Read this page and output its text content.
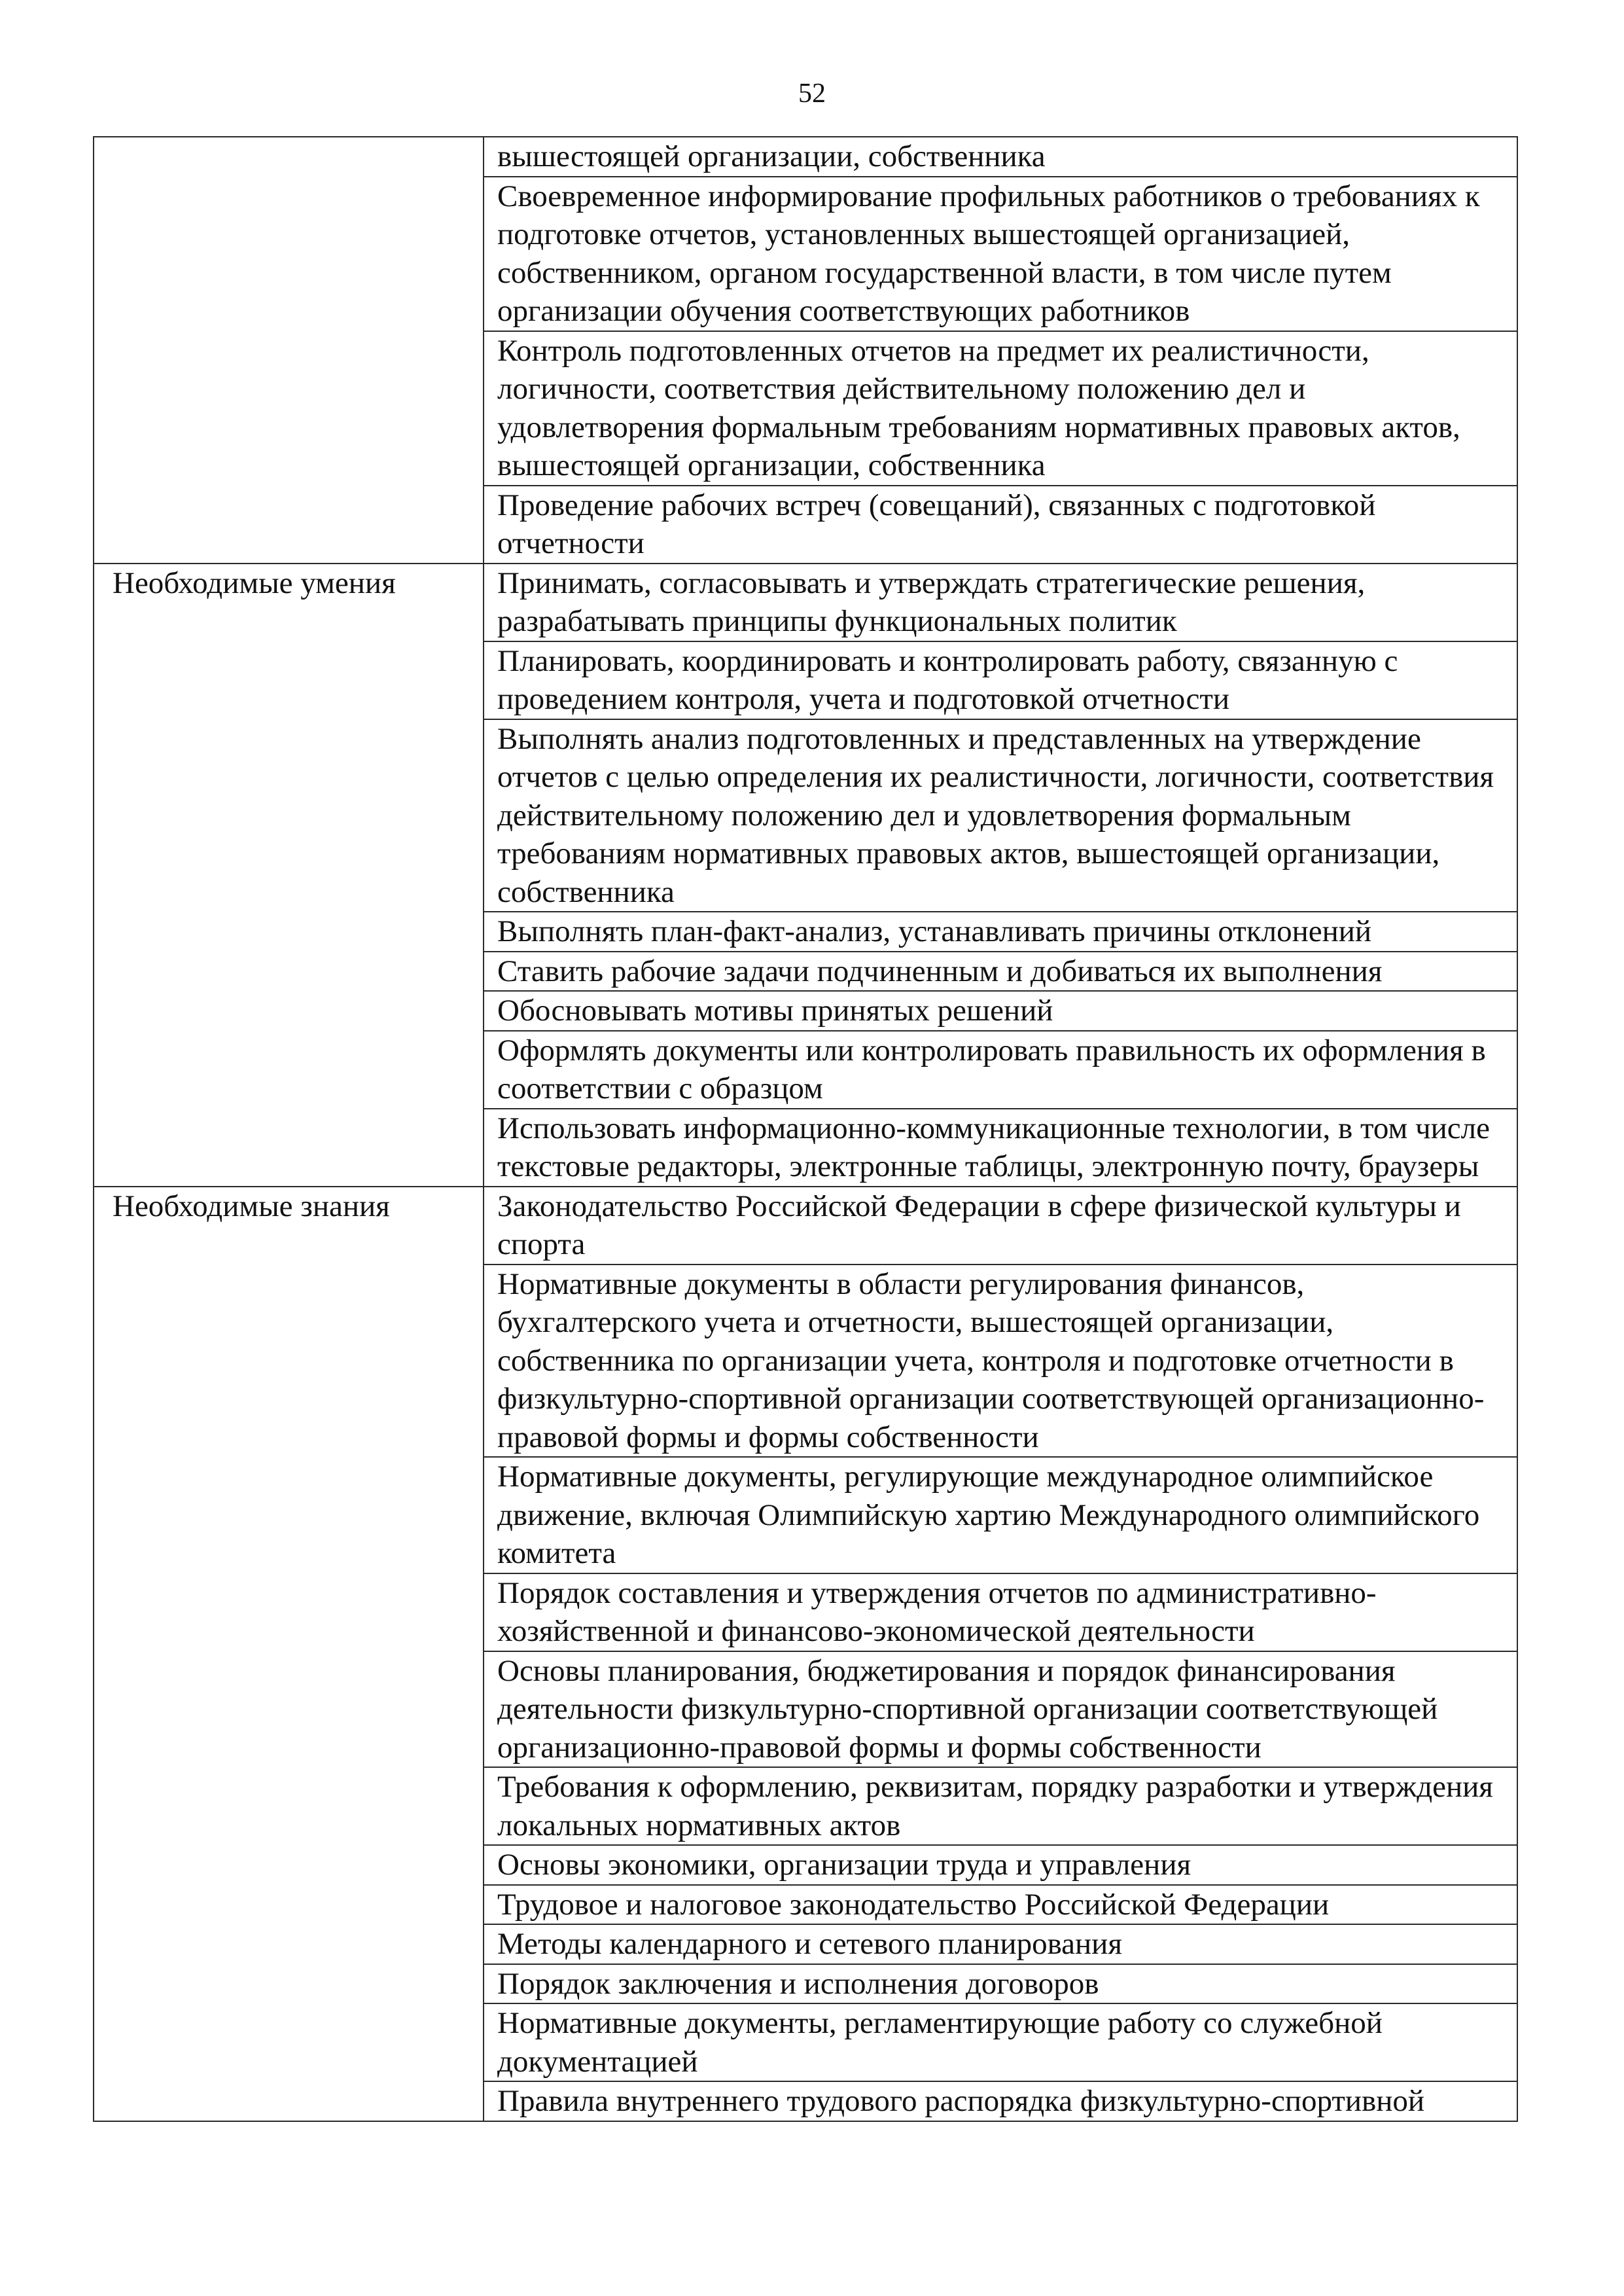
52
	вышестоящей организации, собственника
	Своевременное информирование профильных работников о требованиях к подготовке отчетов, установленных вышестоящей организацией, собственником, органом государственной власти, в том числе путем организации обучения соответствующих работников
	Контроль подготовленных отчетов на предмет их реалистичности, логичности, соответствия действительному положению дел и удовлетворения формальным требованиям нормативных правовых актов, вышестоящей организации, собственника
	Проведение рабочих встреч (совещаний), связанных с подготовкой отчетности
Необходимые умения	Принимать, согласовывать и утверждать стратегические решения, разрабатывать принципы функциональных политик
	Планировать, координировать и контролировать работу, связанную с проведением контроля, учета и подготовкой отчетности
	Выполнять анализ подготовленных и представленных на утверждение отчетов с целью определения их реалистичности, логичности, соответствия действительному положению дел и удовлетворения формальным требованиям нормативных правовых актов, вышестоящей организации, собственника
	Выполнять план-факт-анализ, устанавливать причины отклонений
	Ставить рабочие задачи подчиненным и добиваться их выполнения
	Обосновывать мотивы принятых решений
	Оформлять документы или контролировать правильность их оформления в соответствии с образцом
	Использовать информационно-коммуникационные технологии, в том числе текстовые редакторы, электронные таблицы, электронную почту, браузеры
Необходимые знания	Законодательство Российской Федерации в сфере физической культуры и спорта
	Нормативные документы в области регулирования финансов, бухгалтерского учета и отчетности, вышестоящей организации, собственника по организации учета, контроля и подготовке отчетности в физкультурно-спортивной организации соответствующей организационно-правовой формы и формы собственности
	Нормативные документы, регулирующие международное олимпийское движение, включая Олимпийскую хартию Международного олимпийского комитета
	Порядок составления и утверждения отчетов по административно-хозяйственной и финансово-экономической деятельности
	Основы планирования, бюджетирования и порядок финансирования деятельности физкультурно-спортивной организации соответствующей организационно-правовой формы и формы собственности
	Требования к оформлению, реквизитам, порядку разработки и утверждения локальных нормативных актов
	Основы экономики, организации труда и управления
	Трудовое и налоговое законодательство Российской Федерации
	Методы календарного и сетевого планирования
	Порядок заключения и исполнения договоров
	Нормативные документы, регламентирующие работу со служебной документацией
	Правила внутреннего трудового распорядка физкультурно-спортивной
